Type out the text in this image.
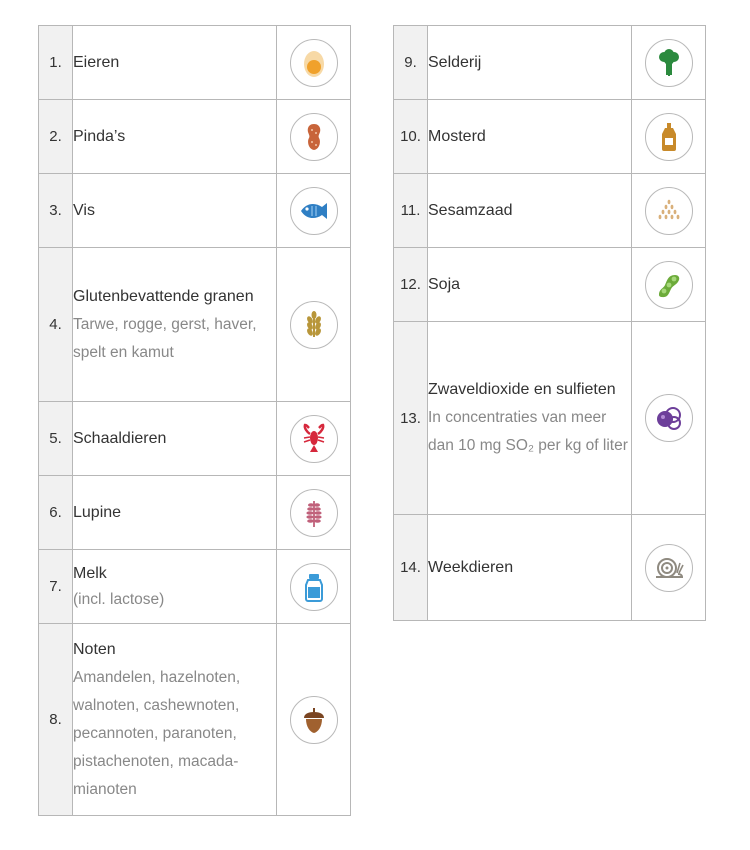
1.	Eieren

2.	Pinda’s

3.	Vis

4.	Glutenbevattende granen
Tarwe, rogge, gerst, haver, spelt en kamut

5.	Schaaldieren

6.	Lupine

7.	Melk
(incl. lactose)

8.	Noten
Amandelen, hazelnoten, walnoten, cashewnoten, pecannoten, paranoten, pistachenoten, macada-mianoten

9.	Selderij

10.	Mosterd

11.	Sesamzaad

12.	Soja

13.	Zwaveldioxide en sulfieten
In concentraties van meer dan 10 mg SO₂ per kg of liter

14.	Weekdieren
